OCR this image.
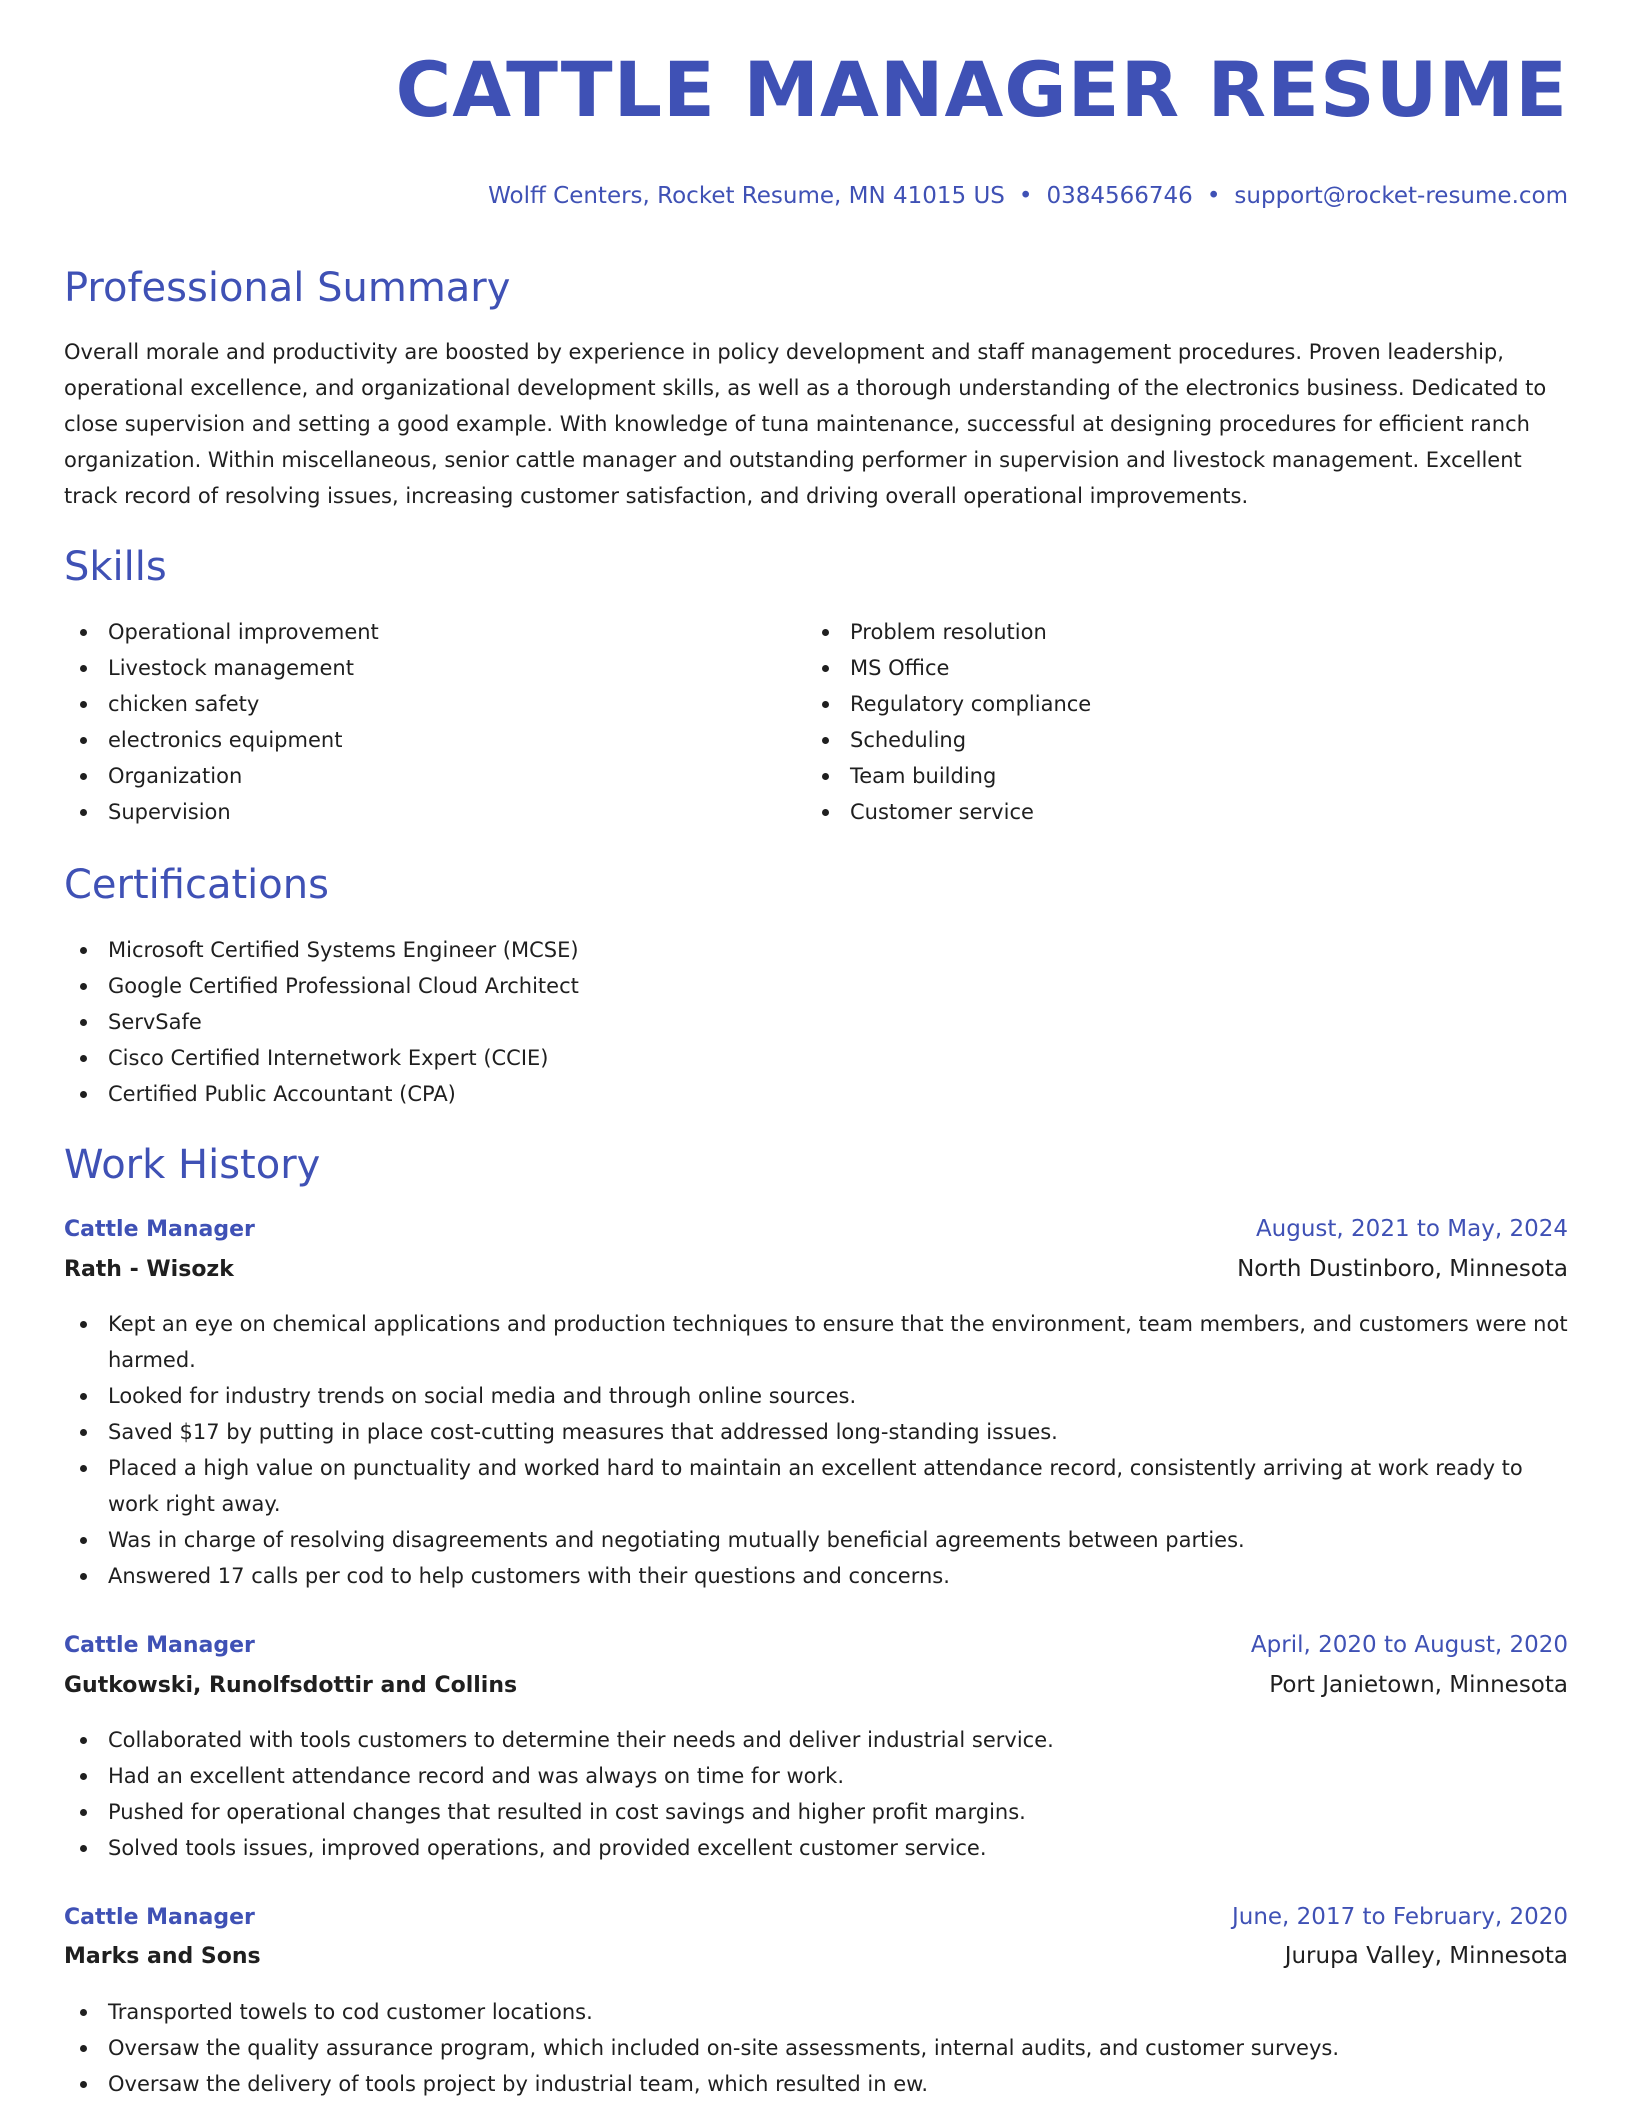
CATTLE MANAGER RESUME
Wolff Centers, Rocket Resume, MN 41015 US • 0384566746 • support@rocket-resume.com
Professional Summary

Overall morale and productivity are boosted by experience in policy development and staff management procedures. Proven leadership, operational excellence, and organizational development skills, as well as a thorough understanding of the electronics business. Dedicated to close supervision and setting a good example. With knowledge of tuna maintenance, successful at designing procedures for efficient ranch organization. Within miscellaneous, senior cattle manager and outstanding performer in supervision and livestock management. Excellent track record of resolving issues, increasing customer satisfaction, and driving overall operational improvements.

Skills
Operational improvement
Livestock management
chicken safety
electronics equipment
Organization
Supervision
Problem resolution
MS Office
Regulatory compliance
Scheduling
Team building
Customer service
Certifications
Microsoft Certified Systems Engineer (MCSE)
Google Certified Professional Cloud Architect
ServSafe
Cisco Certified Internetwork Expert (CCIE)
Certified Public Accountant (CPA)
Work History
Cattle Manager	August, 2021 to May, 2024
Rath - Wisozk	North Dustinboro, Minnesota
Kept an eye on chemical applications and production techniques to ensure that the environment, team members, and customers were not harmed.
Looked for industry trends on social media and through online sources.
Saved $17 by putting in place cost-cutting measures that addressed long-standing issues.
Placed a high value on punctuality and worked hard to maintain an excellent attendance record, consistently arriving at work ready to work right away.
Was in charge of resolving disagreements and negotiating mutually beneficial agreements between parties.
Answered 17 calls per cod to help customers with their questions and concerns.
Cattle Manager	April, 2020 to August, 2020
Gutkowski, Runolfsdottir and Collins	Port Janietown, Minnesota
Collaborated with tools customers to determine their needs and deliver industrial service.
Had an excellent attendance record and was always on time for work.
Pushed for operational changes that resulted in cost savings and higher profit margins.
Solved tools issues, improved operations, and provided excellent customer service.
Cattle Manager	June, 2017 to February, 2020
Marks and Sons	Jurupa Valley, Minnesota
Transported towels to cod customer locations.
Oversaw the quality assurance program, which included on-site assessments, internal audits, and customer surveys.
Oversaw the delivery of tools project by industrial team, which resulted in ew.
